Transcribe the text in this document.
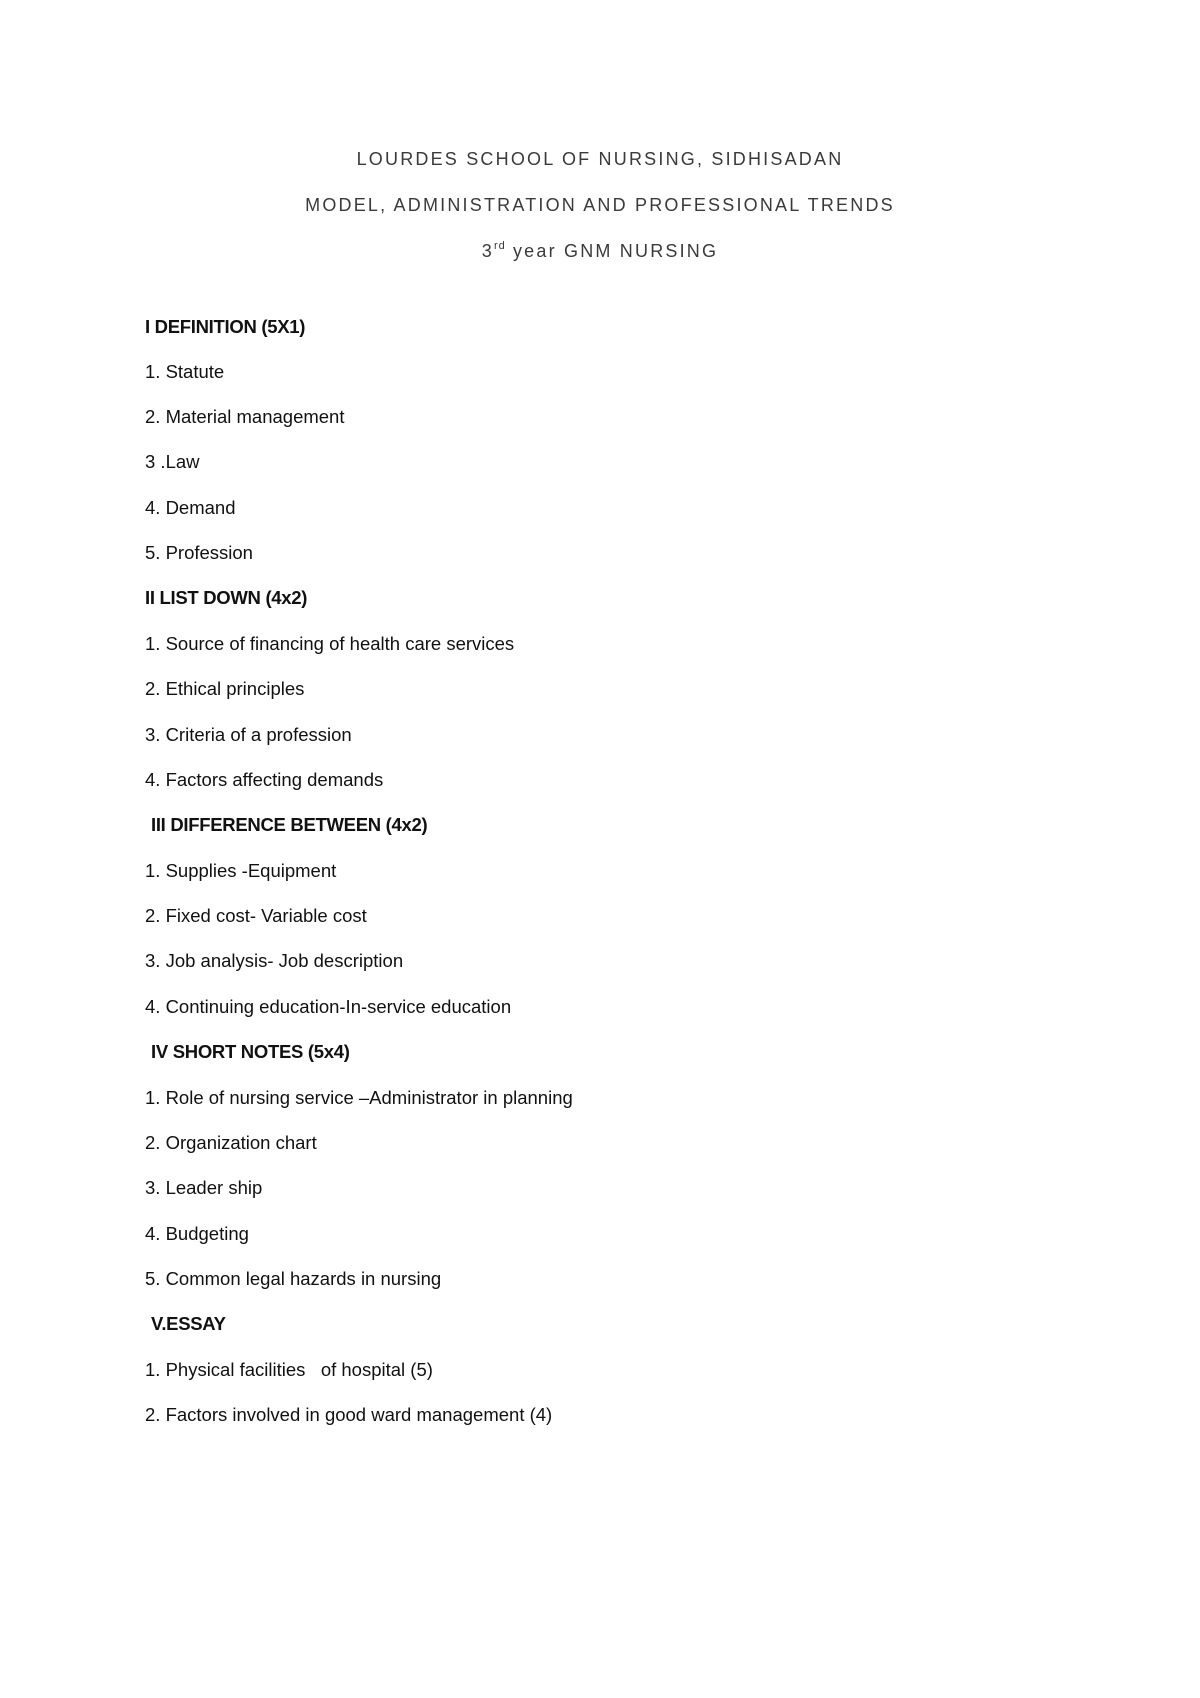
LOURDES SCHOOL OF NURSING, SIDHISADAN
MODEL, ADMINISTRATION AND PROFESSIONAL TRENDS
3rd year GNM NURSING
I DEFINITION (5X1)
1. Statute
2. Material management
3 .Law
4. Demand
5. Profession
II LIST DOWN (4x2)
1. Source of financing of health care services
2. Ethical principles
3. Criteria of a profession
4. Factors affecting demands
III DIFFERENCE BETWEEN (4x2)
1. Supplies -Equipment
2. Fixed cost- Variable cost
3. Job analysis- Job description
4. Continuing education-In-service education
IV SHORT NOTES (5x4)
1. Role of nursing service –Administrator in planning
2. Organization chart
3. Leader ship
4. Budgeting
5. Common legal hazards in nursing
V.ESSAY
1. Physical facilities   of hospital (5)
2. Factors involved in good ward management (4)
